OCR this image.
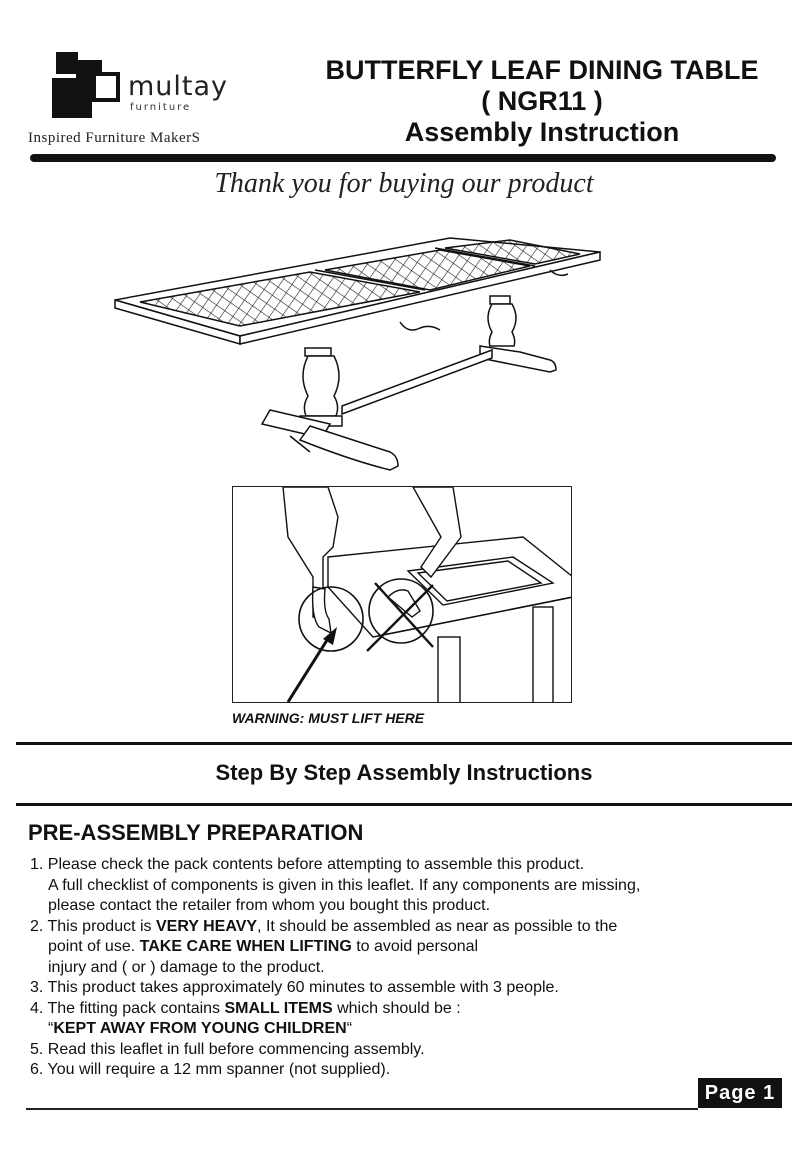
multay
furniture
Inspired Furniture MakerS
BUTTERFLY LEAF DINING TABLE
( NGR11 )
Assembly Instruction
Thank you for buying our product
WARNING: MUST LIFT HERE
Step By Step Assembly Instructions
PRE-ASSEMBLY PREPARATION
1. Please check the pack contents before attempting to assemble this product.
A full checklist of components is given in this leaflet. If any components are missing,
please contact the retailer from whom you bought this product.
2. This product is VERY HEAVY, It should be assembled as near as possible to the
point of use. TAKE CARE WHEN LIFTING to avoid personal
injury and ( or ) damage to the product.
3. This product takes approximately 60 minutes to assemble with 3 people.
4. The fitting pack contains SMALL ITEMS which should be :
“KEPT AWAY FROM YOUNG CHILDREN“
5. Read this leaflet in full before commencing assembly.
6. You will require a 12 mm spanner (not supplied).
Page 1
